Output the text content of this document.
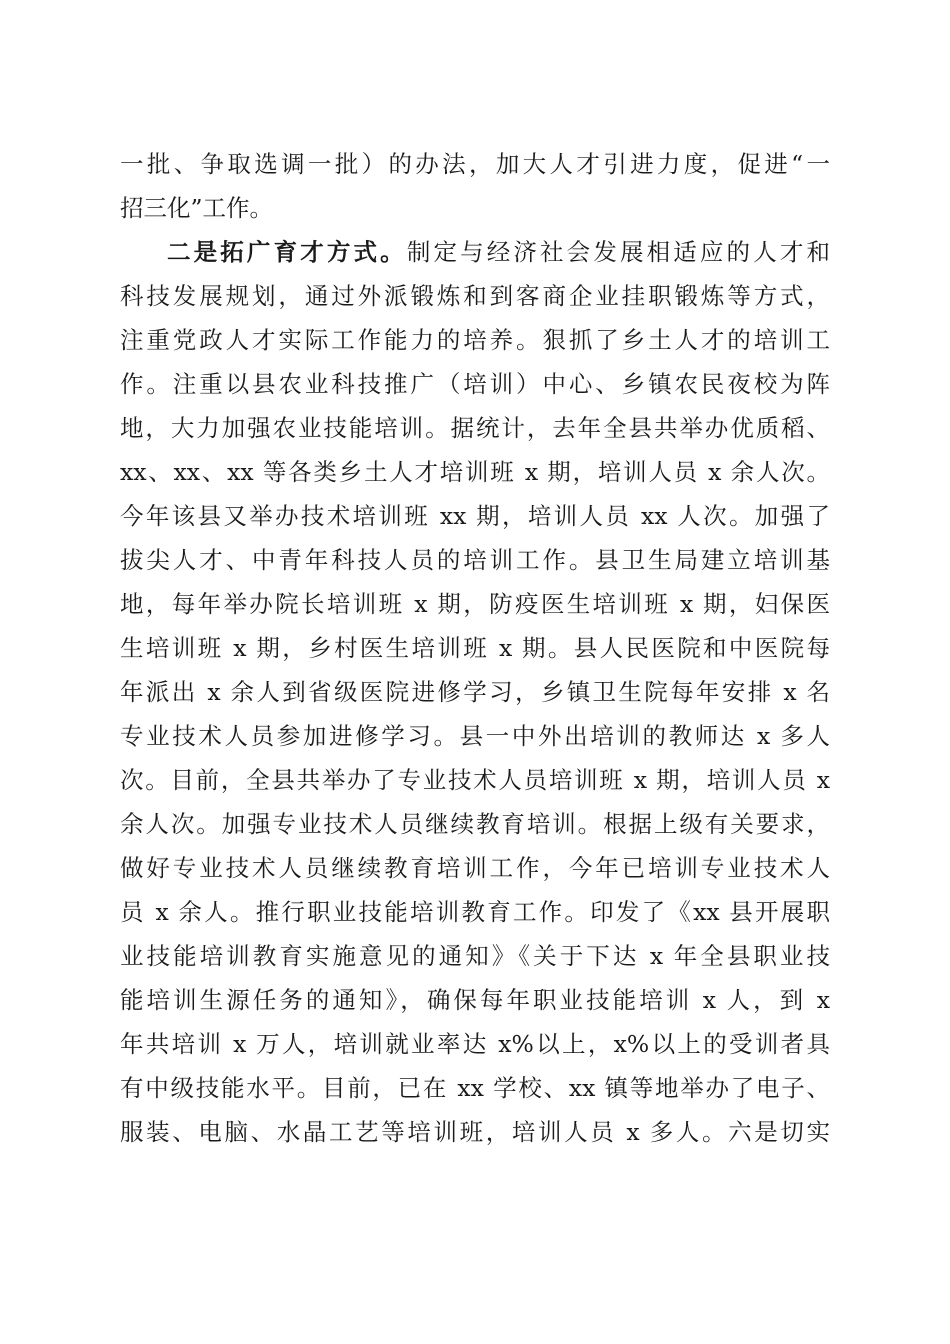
一批、争取选调一批）的办法，加大人才引进力度，促进“一
招三化”工作。
二是拓广育才方式。制定与经济社会发展相适应的人才和
科技发展规划，通过外派锻炼和到客商企业挂职锻炼等方式，
注重党政人才实际工作能力的培养。狠抓了乡土人才的培训工
作。注重以县农业科技推广（培训）中心、乡镇农民夜校为阵
地，大力加强农业技能培训。据统计，去年全县共举办优质稻、
xx、xx、xx 等各类乡土人才培训班 x 期，培训人员 x 余人次。
今年该县又举办技术培训班 xx 期，培训人员 xx 人次。加强了
拔尖人才、中青年科技人员的培训工作。县卫生局建立培训基
地，每年举办院长培训班 x 期，防疫医生培训班 x 期，妇保医
生培训班 x 期，乡村医生培训班 x 期。县人民医院和中医院每
年派出 x 余人到省级医院进修学习，乡镇卫生院每年安排 x 名
专业技术人员参加进修学习。县一中外出培训的教师达 x 多人
次。目前，全县共举办了专业技术人员培训班 x 期，培训人员 x
余人次。加强专业技术人员继续教育培训。根据上级有关要求，
做好专业技术人员继续教育培训工作，今年已培训专业技术人
员 x 余人。推行职业技能培训教育工作。印发了《xx 县开展职
业技能培训教育实施意见的通知》《关于下达 x 年全县职业技
能培训生源任务的通知》，确保每年职业技能培训 x 人，到 x
年共培训 x 万人，培训就业率达 x%以上，x%以上的受训者具
有中级技能水平。目前，已在 xx 学校、xx 镇等地举办了电子、
服装、电脑、水晶工艺等培训班，培训人员 x 多人。六是切实
